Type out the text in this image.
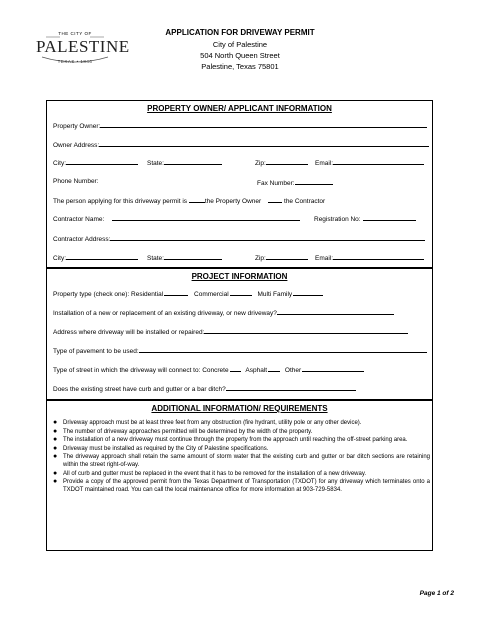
THE CITY OF
PALESTINE
TEXAS • 1846
APPLICATION FOR DRIVEWAY PERMIT
City of Palestine
504 North Queen Street
Palestine, Texas 75801
PROPERTY OWNER/ APPLICANT INFORMATION
Property Owner:
Owner Address:
City:	State:	Zip:	Email:
Phone Number:	Fax Number:
The person applying for this driveway permit is	the Property Owner	the Contractor
Contractor Name:	Registration No:
Contractor Address:
City:	State:	Zip:	Email:
PROJECT INFORMATION
Property type (check one): Residential	Commercial	Multi Family
Installation of a new or replacement of an existing driveway, or new driveway?
Address where driveway will be installed or repaired:
Type of pavement to be used:
Type of street in which the driveway will connect to: Concrete	Asphalt	Other
Does the existing street have curb and gutter or a bar ditch?
ADDITIONAL INFORMATION/ REQUIREMENTS
● Driveway approach must be at least three feet from any obstruction (fire hydrant, utility pole or any other device).
● The number of driveway approaches permitted will be determined by the width of the property.
● The installation of a new driveway must continue through the property from the approach until reaching the off-street parking area.
● Driveway must be installed as required by the City of Palestine specifications.
● The driveway approach shall retain the same amount of storm water that the existing curb and gutter or bar ditch sections are retaining within the street right-of-way.
● All of curb and gutter must be replaced in the event that it has to be removed for the installation of a new driveway.
● Provide a copy of the approved permit from the Texas Department of Transportation (TXDOT) for any driveway which terminates onto a TXDOT maintained road. You can call the local maintenance office for more information at 903-729-5834.
Page 1 of 2
